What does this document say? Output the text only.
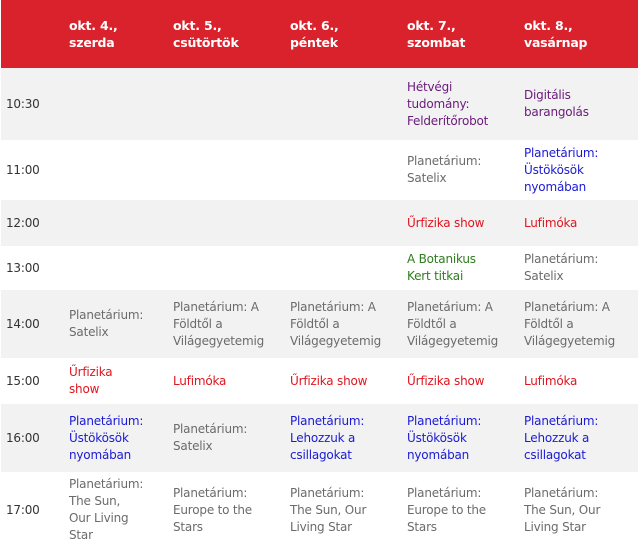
	okt. 4.,
szerda	okt. 5.,
csütörtök	okt. 6.,
péntek	okt. 7.,
szombat	okt. 8.,
vasárnap

10:30				Hétvégi
tudomány:
Felderítőrobot	Digitális
barangolás

11:00				Planetárium:
Satelix	Planetárium:
Üstökösök
nyomában

12:00				Űrfizika show	Lufimóka

13:00				A Botanikus
Kert titkai	Planetárium:
Satelix

14:00	Planetárium:
Satelix	Planetárium: A
Földtől a
Világegyetemig	Planetárium: A
Földtől a
Világegyetemig	Planetárium: A
Földtől a
Világegyetemig	Planetárium: A
Földtől a
Világegyetemig

15:00	Űrfizika
show	Lufimóka	Űrfizika show	Űrfizika show	Lufimóka

16:00	Planetárium:
Üstökösök
nyomában	Planetárium:
Satelix	Planetárium:
Lehozzuk a
csillagokat	Planetárium:
Üstökösök
nyomában	Planetárium:
Lehozzuk a
csillagokat

17:00	Planetárium:
The Sun,
Our Living
Star	Planetárium:
Europe to the
Stars	Planetárium:
The Sun, Our
Living Star	Planetárium:
Europe to the
Stars	Planetárium:
The Sun, Our
Living Star
